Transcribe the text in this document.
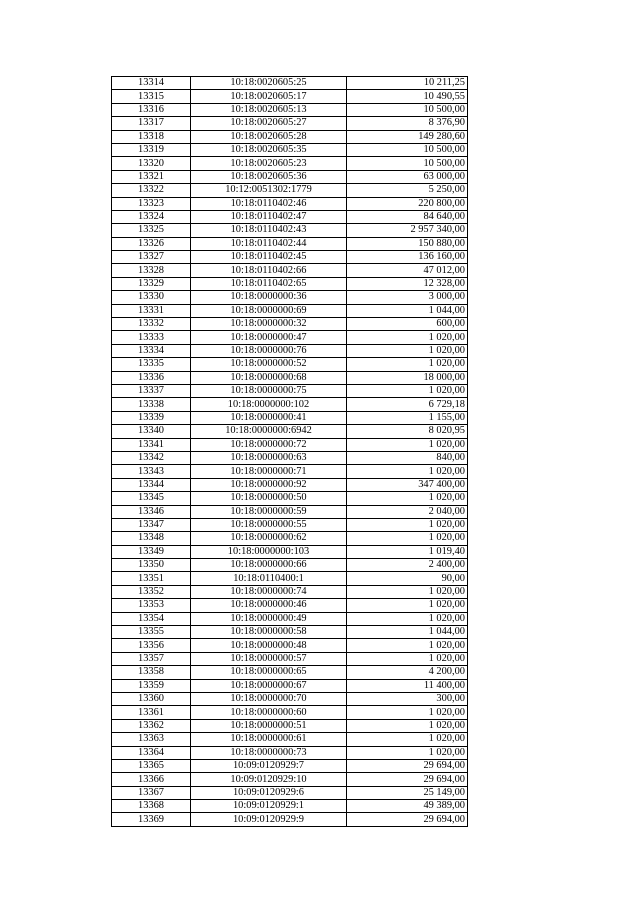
13314	10:18:0020605:25	10 211,25
13315	10:18:0020605:17	10 490,55
13316	10:18:0020605:13	10 500,00
13317	10:18:0020605:27	8 376,90
13318	10:18:0020605:28	149 280,60
13319	10:18:0020605:35	10 500,00
13320	10:18:0020605:23	10 500,00
13321	10:18:0020605:36	63 000,00
13322	10:12:0051302:1779	5 250,00
13323	10:18:0110402:46	220 800,00
13324	10:18:0110402:47	84 640,00
13325	10:18:0110402:43	2 957 340,00
13326	10:18:0110402:44	150 880,00
13327	10:18:0110402:45	136 160,00
13328	10:18:0110402:66	47 012,00
13329	10:18:0110402:65	12 328,00
13330	10:18:0000000:36	3 000,00
13331	10:18:0000000:69	1 044,00
13332	10:18:0000000:32	600,00
13333	10:18:0000000:47	1 020,00
13334	10:18:0000000:76	1 020,00
13335	10:18:0000000:52	1 020,00
13336	10:18:0000000:68	18 000,00
13337	10:18:0000000:75	1 020,00
13338	10:18:0000000:102	6 729,18
13339	10:18:0000000:41	1 155,00
13340	10:18:0000000:6942	8 020,95
13341	10:18:0000000:72	1 020,00
13342	10:18:0000000:63	840,00
13343	10:18:0000000:71	1 020,00
13344	10:18:0000000:92	347 400,00
13345	10:18:0000000:50	1 020,00
13346	10:18:0000000:59	2 040,00
13347	10:18:0000000:55	1 020,00
13348	10:18:0000000:62	1 020,00
13349	10:18:0000000:103	1 019,40
13350	10:18:0000000:66	2 400,00
13351	10:18:0110400:1	90,00
13352	10:18:0000000:74	1 020,00
13353	10:18:0000000:46	1 020,00
13354	10:18:0000000:49	1 020,00
13355	10:18:0000000:58	1 044,00
13356	10:18:0000000:48	1 020,00
13357	10:18:0000000:57	1 020,00
13358	10:18:0000000:65	4 200,00
13359	10:18:0000000:67	11 400,00
13360	10:18:0000000:70	300,00
13361	10:18:0000000:60	1 020,00
13362	10:18:0000000:51	1 020,00
13363	10:18:0000000:61	1 020,00
13364	10:18:0000000:73	1 020,00
13365	10:09:0120929:7	29 694,00
13366	10:09:0120929:10	29 694,00
13367	10:09:0120929:6	25 149,00
13368	10:09:0120929:1	49 389,00
13369	10:09:0120929:9	29 694,00
